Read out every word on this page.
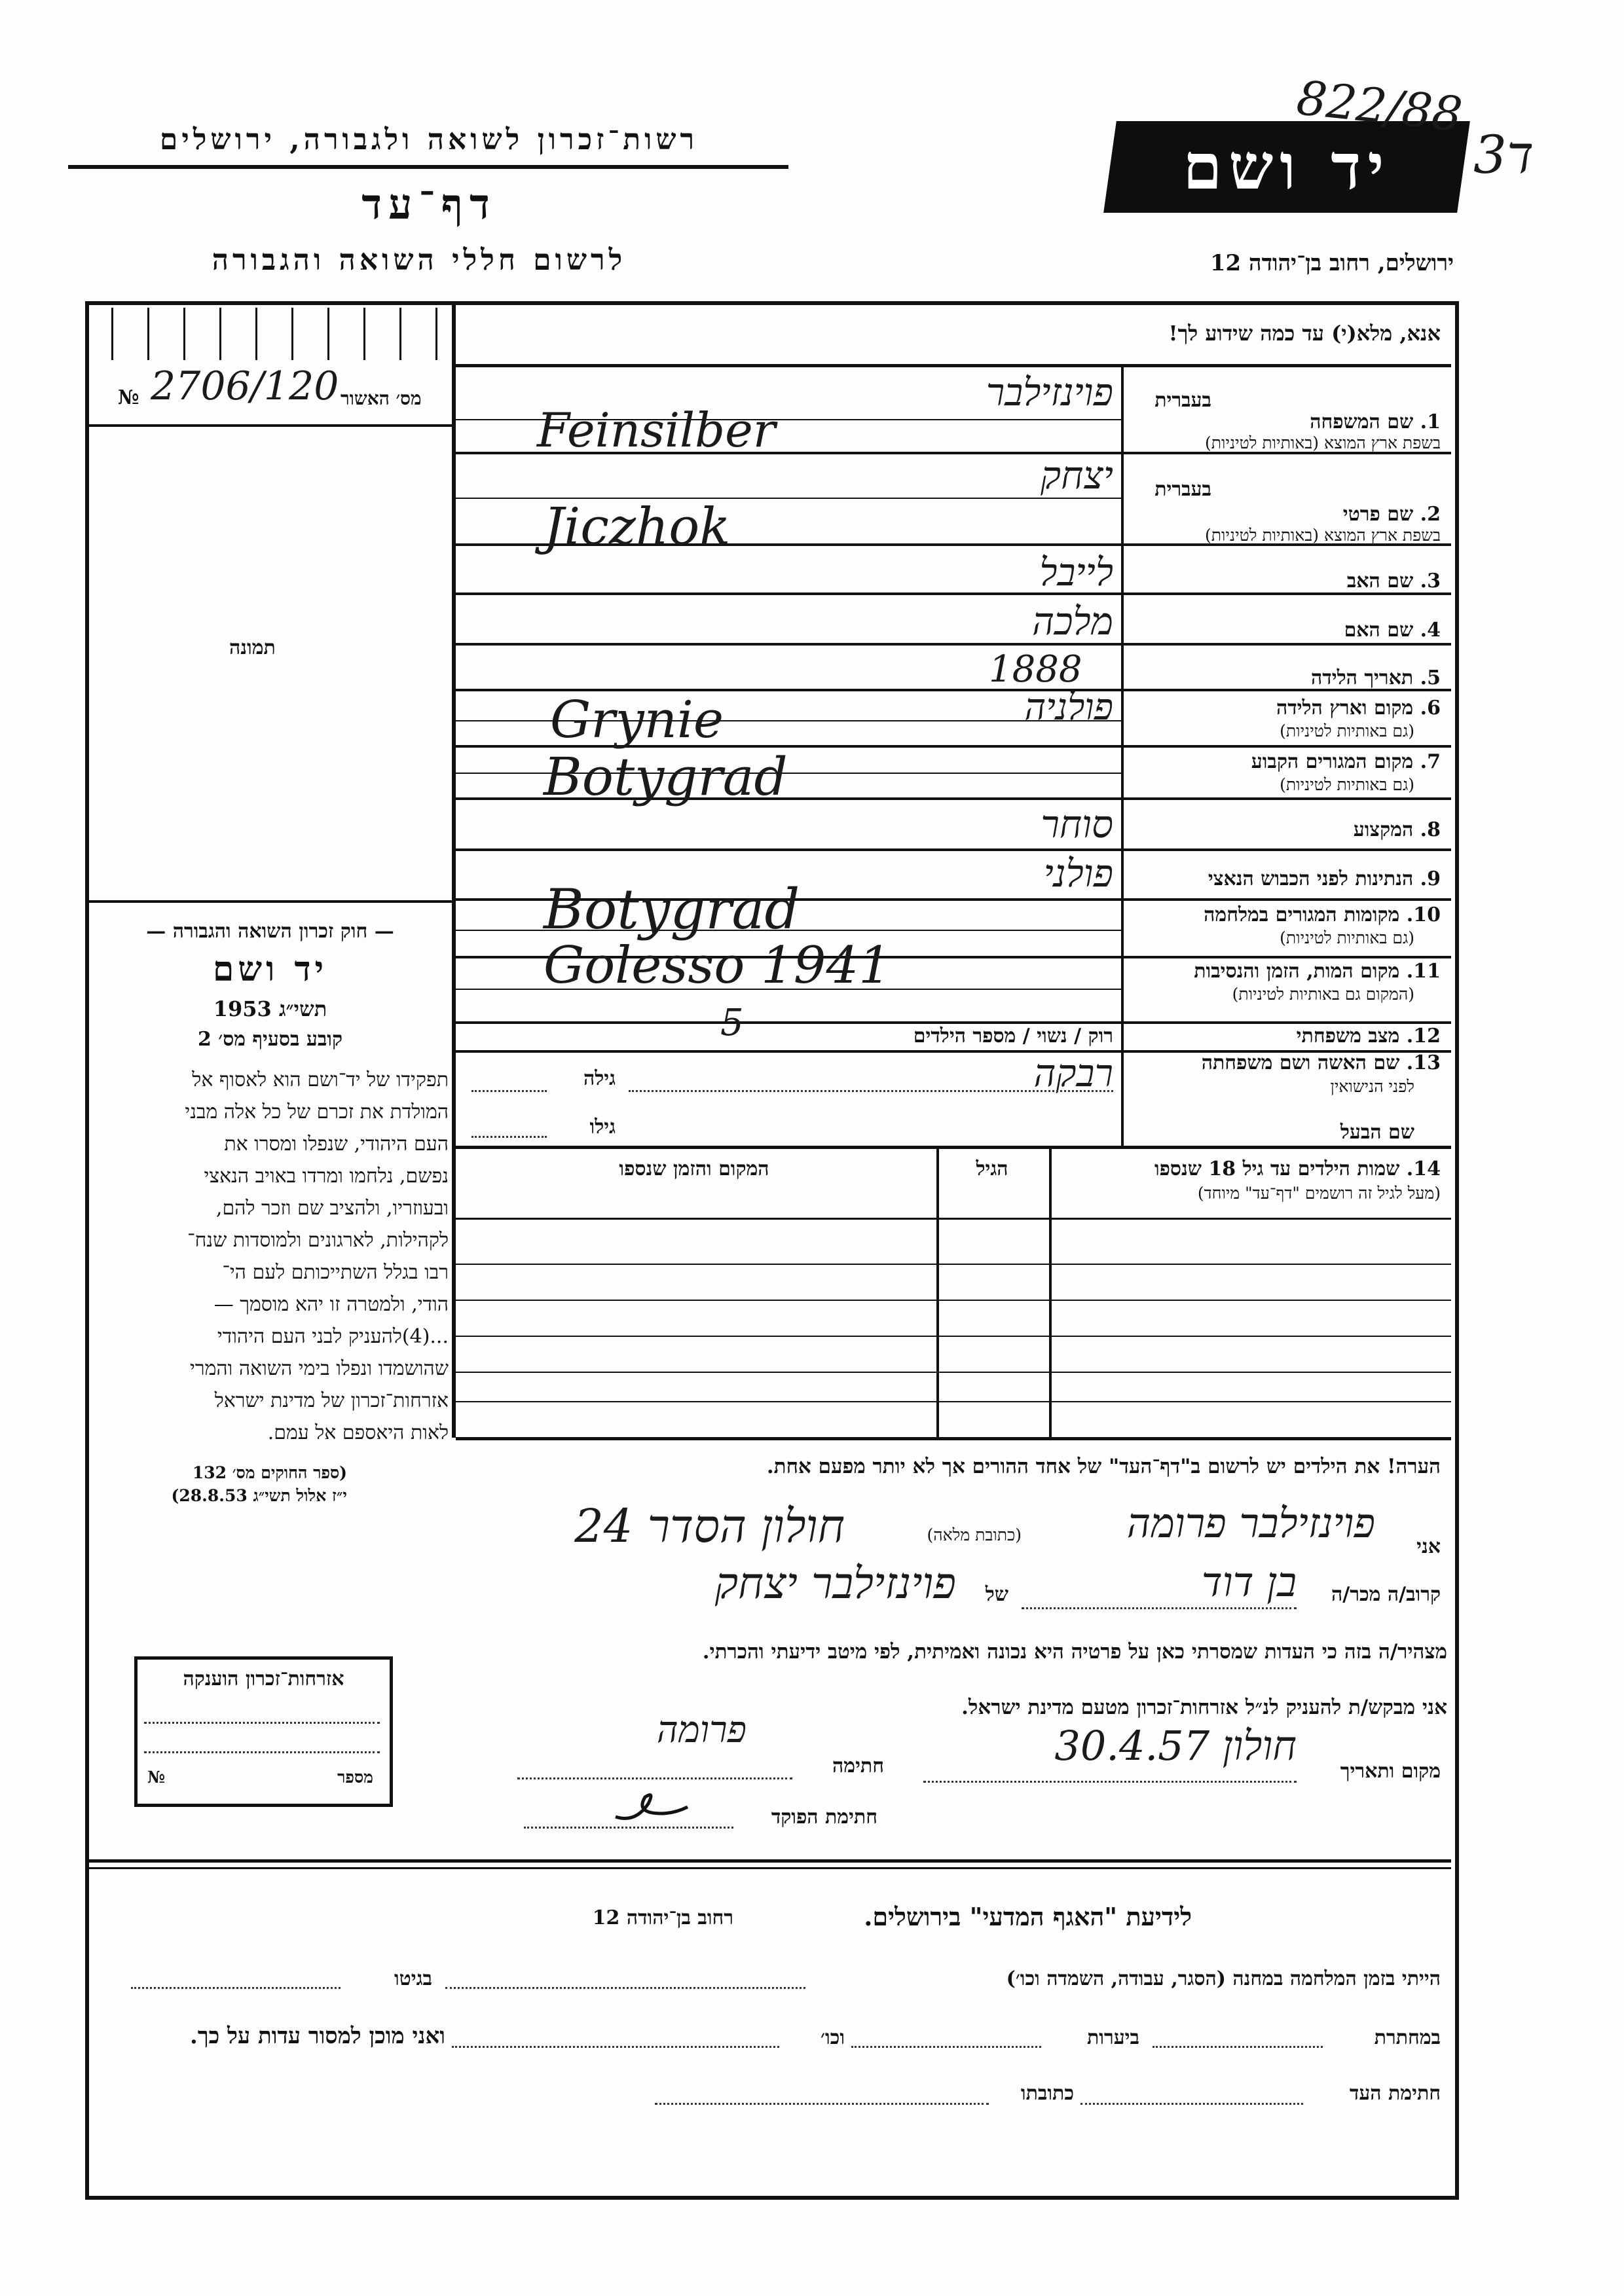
רשות־זכרון לשואה ולגבורה, ירושלים
דף־עד
לרשום חללי השואה והגבורה
יד ושם
822/88
ד3
ירושלים, רחוב בן־יהודה 12
№ 2706/120 מס׳ האשור
תמונה
אנא, מלא(י) עד כמה שידוע לך!
בעברית
בעברית
1. שם המשפחה
בשפת ארץ המוצא (באותיות לטיניות)
פוינזילבר
Feinsilber
2. שם פרטי
בשפת ארץ המוצא (באותיות לטיניות)
יצחק
Jiczhok
3. שם האב
לייבל
4. שם האם
מלכה
5. תאריך הלידה
1888
6. מקום וארץ הלידה
(גם באותיות לטיניות)
פולניה
Grynie
7. מקום המגורים הקבוע
(גם באותיות לטיניות)
Botygrad
8. המקצוע
סוחר
9. הנתינות לפני הכבוש הנאצי
פולני
10. מקומות המגורים במלחמה
(גם באותיות לטיניות)
Botygrad
11. מקום המות, הזמן והנסיבות
(המקום גם באותיות לטיניות)
Golesso 1941
12. מצב משפחתי
רוק / נשוי / מספר הילדים
5
13. שם האשה ושם משפחתה
לפני הנישואין
רבקה
גילה
שם הבעל
גילו
14. שמות הילדים עד גיל 18 שנספו
(מעל לגיל זה רושמים "דף־עד" מיוחד)
הגיל
המקום והזמן שנספו
— חוק זכרון השואה והגבורה —
יד ושם
תשי״ג 1953
קובע בסעיף מס׳ 2
תפקידו של יד־ושם הוא לאסוף אל
המולדת את זכרם של כל אלה מבני
העם היהודי, שנפלו ומסרו את
נפשם, נלחמו ומרדו באויב הנאצי
ובעוזריו, ולהציב שם וזכר להם,
לקהילות, לארגונים ולמוסדות שנח־
רבו בגלל השתייכותם לעם הי־
הודי, ולמטרה זו יהא מוסמך —
...(4)להעניק לבני העם היהודי
שהושמדו ונפלו בימי השואה והמרי
אזרחות־זכרון של מדינת ישראל
לאות היאספם אל עמם.
(ספר החוקים מס׳ 132
י״ז אלול תשי״ג 28.8.53)
הערה! את הילדים יש לרשום ב"דף־העד" של אחד ההורים אך לא יותר מפעם אחת.
אני
פוינזילבר פרומה
(כתובת מלאה)
חולון הסדר 24
קרוב/ה מכר/ה
בן דוד
של
פוינזילבר יצחק
מצהיר/ה בזה כי העדות שמסרתי כאן על פרטיה היא נכונה ואמיתית, לפי מיטב ידיעתי והכרתי.
אני מבקש/ת להעניק לנ״ל אזרחות־זכרון מטעם מדינת ישראל.
מקום ותאריך
חולון 30.4.57
חתימה
פרומה
חתימת הפוקד
אזרחות־זכרון הוענקה
מספר
№
לידיעת "האגף המדעי" בירושלים.
רחוב בן־יהודה 12
הייתי בזמן המלחמה במחנה (הסגר, עבודה, השמדה וכו׳)
בגיטו
במחתרת
ביערות
וכו׳
ואני מוכן למסור עדות על כך.
חתימת העד
כתובתו
